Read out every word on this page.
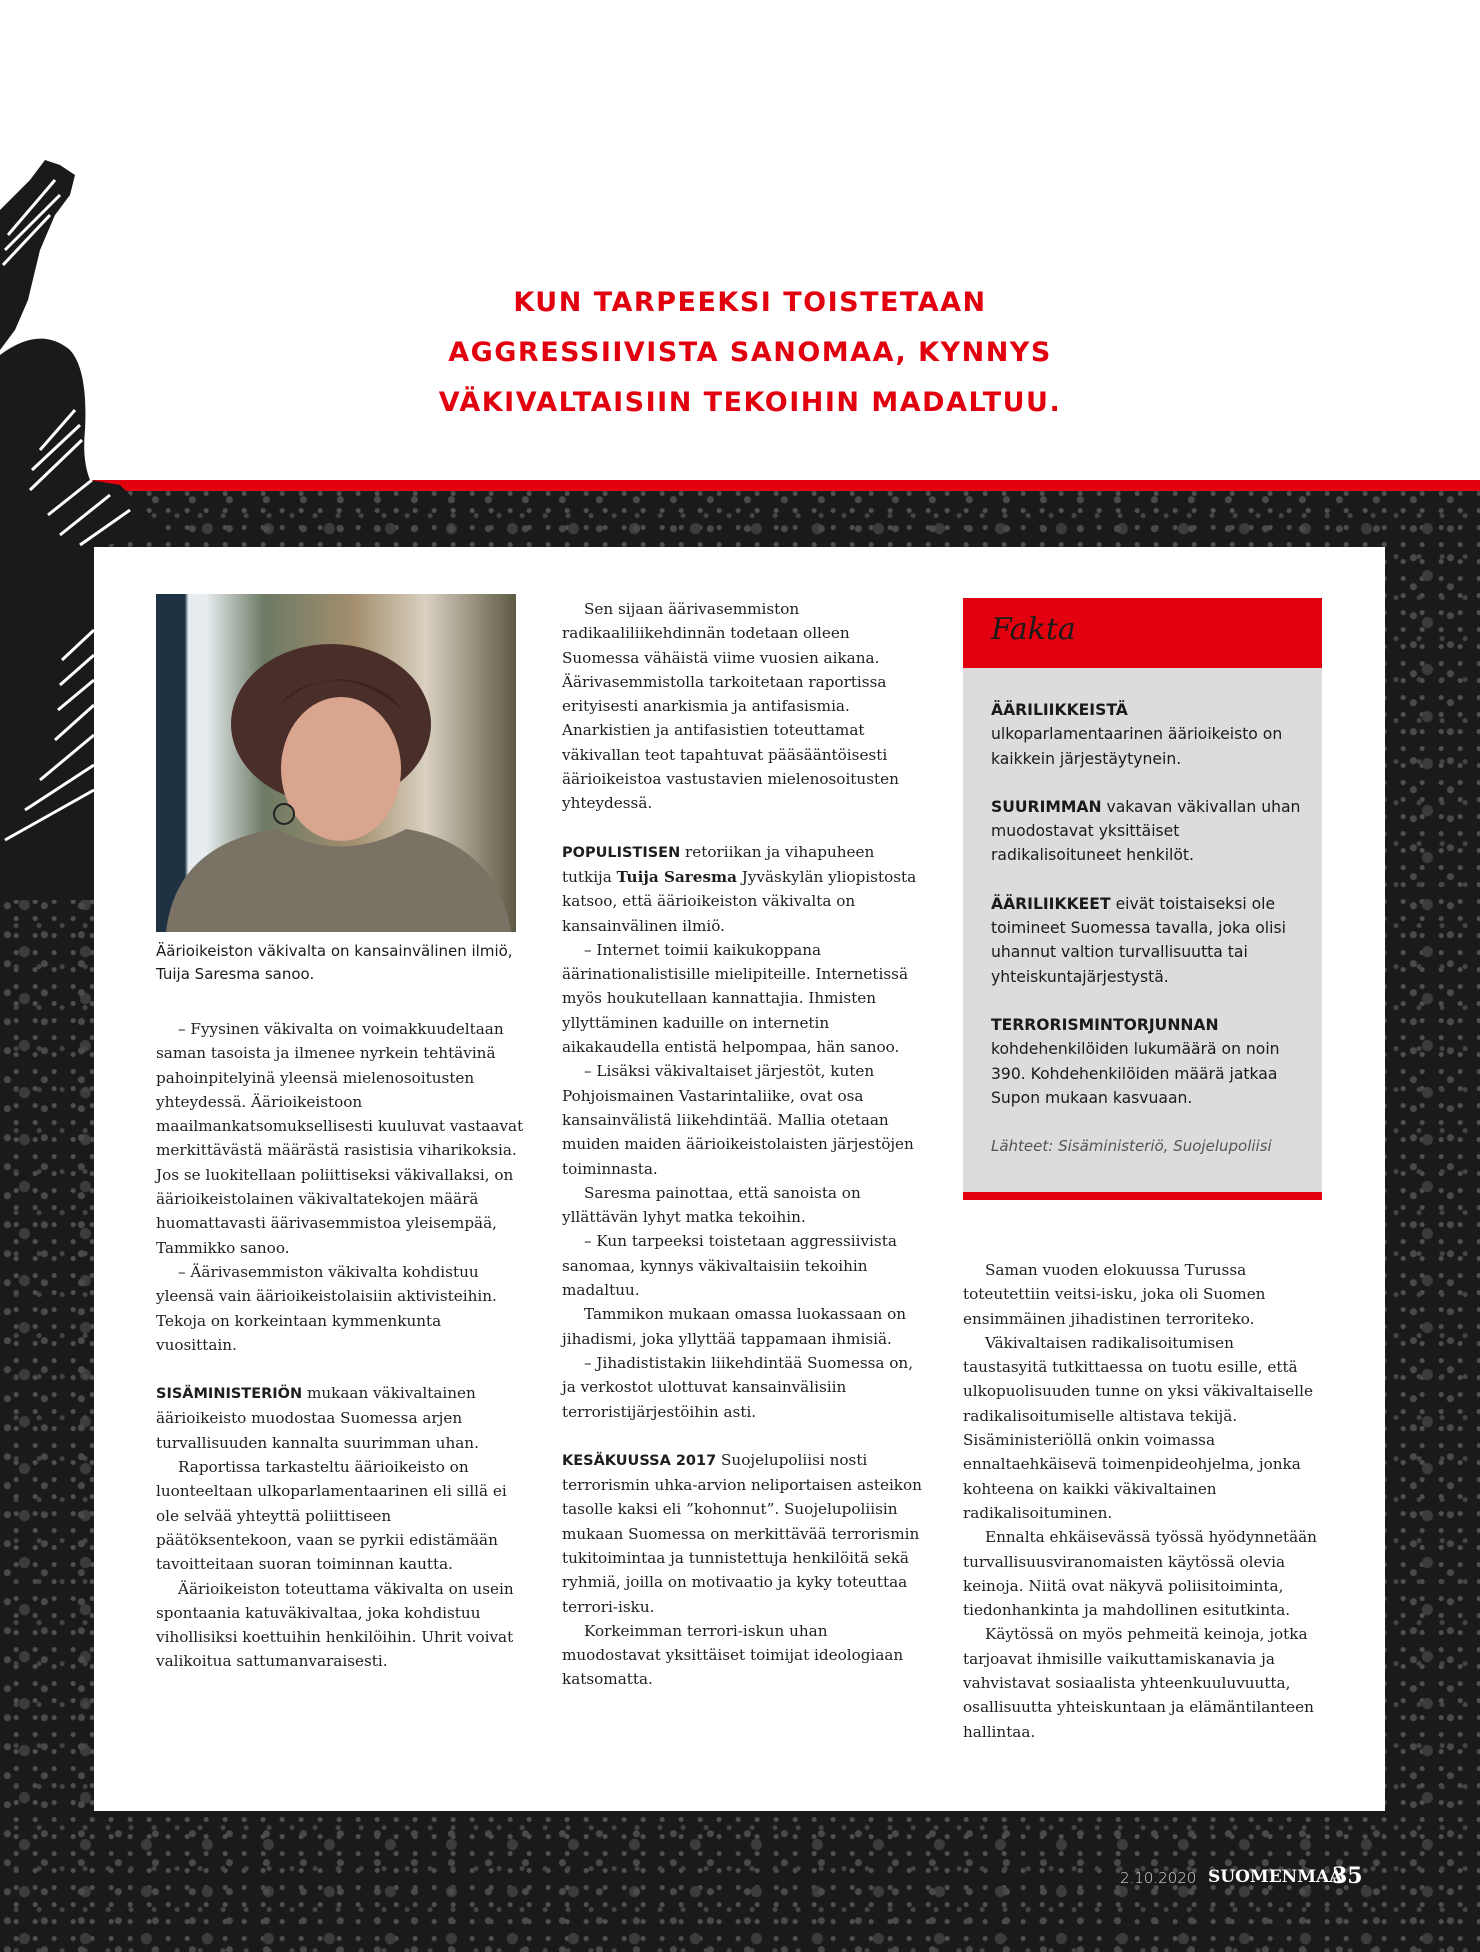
KUN TARPEEKSI TOISTETAAN
AGGRESSIIVISTA SANOMAA, KYNNYS
VÄKIVALTAISIIN TEKOIHIN MADALTUU.
Äärioikeiston väkivalta on kansainvälinen ilmiö, Tuija Saresma sanoo.

– Fyysinen väkivalta on voimakkuudeltaan saman tasoista ja ilmenee nyrkein tehtävinä pahoinpitelyinä yleensä mielenosoitusten yhteydessä. Äärioikeistoon maailmankatsomuksellisesti kuuluvat vastaavat merkittävästä määrästä rasistisia viharikoksia. Jos se luokitellaan poliittiseksi väkivallaksi, on äärioikeistolainen väkivaltatekojen määrä huomattavasti äärivasemmistoa yleisempää, Tammikko sanoo.

– Äärivasemmiston väkivalta kohdistuu yleensä vain äärioikeistolaisiin aktivisteihin. Tekoja on korkeintaan kymmenkunta vuosittain.

SISÄMINISTERIÖN mukaan väkivaltainen äärioikeisto muodostaa Suomessa arjen turvallisuuden kannalta suurimman uhan.

Raportissa tarkasteltu äärioikeisto on luonteeltaan ulkoparlamentaarinen eli sillä ei ole selvää yhteyttä poliittiseen päätöksentekoon, vaan se pyrkii edistämään tavoitteitaan suoran toiminnan kautta.

Äärioikeiston toteuttama väkivalta on usein spontaania katuväkivaltaa, joka kohdistuu vihollisiksi koettuihin henkilöihin. Uhrit voivat valikoitua sattumanvaraisesti.

Sen sijaan äärivasemmiston radikaaliliikehdinnän todetaan olleen Suomessa vähäistä viime vuosien aikana. Äärivasemmistolla tarkoitetaan raportissa erityisesti anarkismia ja antifasismia. Anarkistien ja antifasistien toteuttamat väkivallan teot tapahtuvat pääsääntöisesti äärioikeistoa vastustavien mielenosoitusten yhteydessä.

POPULISTISEN retoriikan ja vihapuheen tutkija Tuija Saresma Jyväskylän yliopistosta katsoo, että äärioikeiston väkivalta on kansainvälinen ilmiö.

– Internet toimii kaikukoppana äärinationalistisille mielipiteille. Internetissä myös houkutellaan kannattajia. Ihmisten yllyttäminen kaduille on internetin aikakaudella entistä helpompaa, hän sanoo.

– Lisäksi väkivaltaiset järjestöt, kuten Pohjoismainen Vastarintaliike, ovat osa kansainvälistä liikehdintää. Mallia otetaan muiden maiden äärioikeistolaisten järjestöjen toiminnasta.

Saresma painottaa, että sanoista on yllättävän lyhyt matka tekoihin.

– Kun tarpeeksi toistetaan aggressiivista sanomaa, kynnys väkivaltaisiin tekoihin madaltuu.

Tammikon mukaan omassa luokassaan on jihadismi, joka yllyttää tappamaan ihmisiä.

– Jihadististakin liikehdintää Suomessa on, ja verkostot ulottuvat kansainvälisiin terroristijärjestöihin asti.

KESÄKUUSSA 2017 Suojelupoliisi nosti terrorismin uhka-arvion neliportaisen asteikon tasolle kaksi eli ”kohonnut”. Suojelupoliisin mukaan Suomessa on merkittävää terrorismin tukitoimintaa ja tunnistettuja henkilöitä sekä ryhmiä, joilla on motivaatio ja kyky toteuttaa terrori-isku.

Korkeimman terrori-iskun uhan muodostavat yksittäiset toimijat ideologiaan katsomatta.

Fakta

ÄÄRILIIKKEISTÄ ulkoparlamentaarinen äärioikeisto on kaikkein järjestäytynein.

SUURIMMAN vakavan väkivallan uhan muodostavat yksittäiset radikalisoituneet henkilöt.

ÄÄRILIIKKEET eivät toistaiseksi ole toimineet Suomessa tavalla, joka olisi uhannut valtion turvallisuutta tai yhteiskuntajärjestystä.

TERRORISMINTORJUNNAN kohdehenkilöiden lukumäärä on noin 390. Kohdehenkilöiden määrä jatkaa Supon mukaan kasvuaan.

Lähteet: Sisäministeriö, Suojelupoliisi

Saman vuoden elokuussa Turussa toteutettiin veitsi-isku, joka oli Suomen ensimmäinen jihadistinen terroriteko.

Väkivaltaisen radikalisoitumisen taustasyitä tutkittaessa on tuotu esille, että ulkopuolisuuden tunne on yksi väkivaltaiselle radikalisoitumiselle altistava tekijä. Sisäministeriöllä onkin voimassa ennaltaehkäisevä toimenpideohjelma, jonka kohteena on kaikki väkivaltainen radikalisoituminen.

Ennalta ehkäisevässä työssä hyödynnetään turvallisuusviranomaisten käytössä olevia keinoja. Niitä ovat näkyvä poliisitoiminta, tiedonhankinta ja mahdollinen esitutkinta.

Käytössä on myös pehmeitä keinoja, jotka tarjoavat ihmisille vaikuttamiskanavia ja vahvistavat sosiaalista yhteenkuuluvuutta, osallisuutta yhteiskuntaan ja elämäntilanteen hallintaa.

2.10.2020 SUOMENMAA
35
